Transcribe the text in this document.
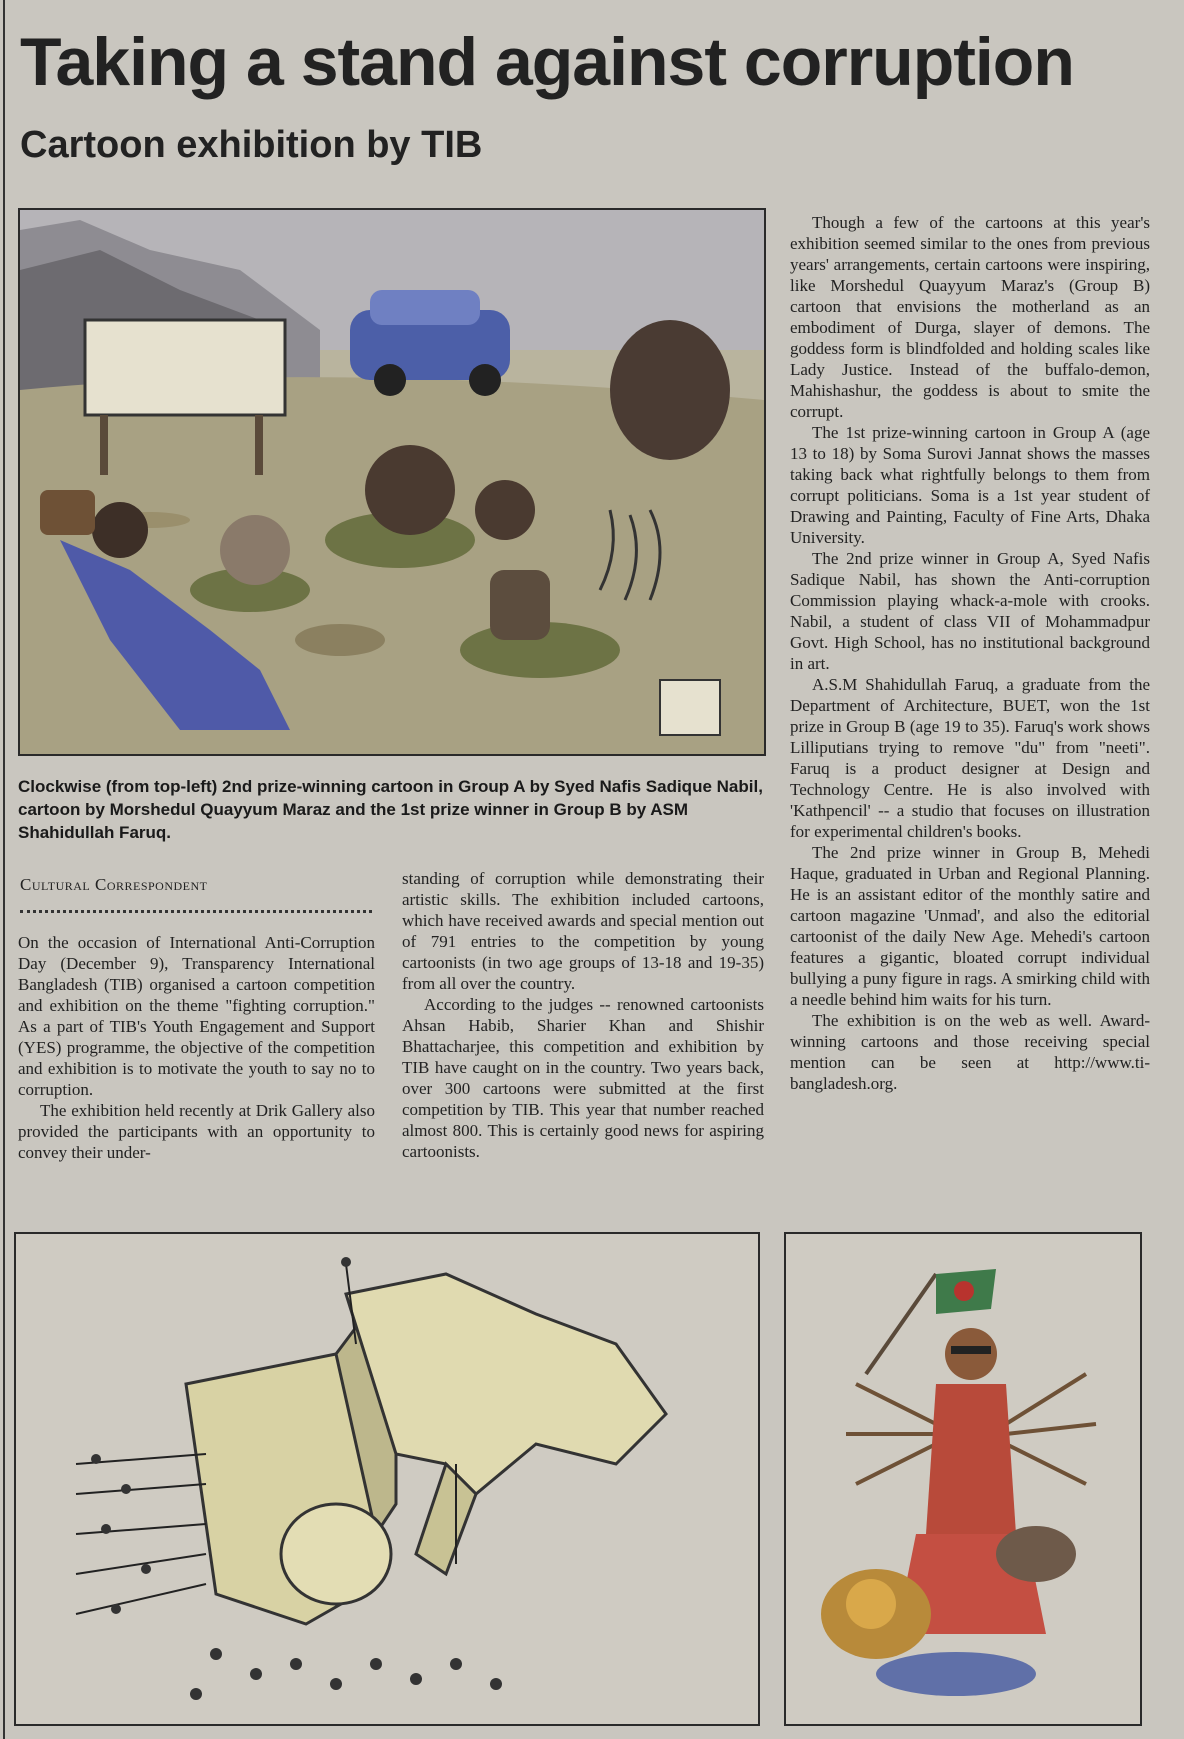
Taking a stand against corruption
Cartoon exhibition by TIB
Clockwise (from top-left) 2nd prize-winning cartoon in Group A by Syed Nafis Sadique Nabil, cartoon by Morshedul Quayyum Maraz and the 1st prize winner in Group B by ASM Shahidullah Faruq.
Cultural Correspondent

On the occasion of International Anti-Corruption Day (December 9), Transparency International Bangladesh (TIB) organised a cartoon competition and exhibition on the theme "fighting corruption." As a part of TIB's Youth Engagement and Support (YES) programme, the objective of the competition and exhibition is to motivate the youth to say no to corruption.

The exhibition held recently at Drik Gallery also provided the participants with an opportunity to convey their under-

standing of corruption while demonstrating their artistic skills. The exhibition included cartoons, which have received awards and special mention out of 791 entries to the competition by young cartoonists (in two age groups of 13-18 and 19-35) from all over the country.

According to the judges -- renowned cartoonists Ahsan Habib, Sharier Khan and Shishir Bhattacharjee, this competition and exhibition by TIB have caught on in the country. Two years back, over 300 cartoons were submitted at the first competition by TIB. This year that number reached almost 800. This is certainly good news for aspiring cartoonists.

Though a few of the cartoons at this year's exhibition seemed similar to the ones from previous years' arrangements, certain cartoons were inspiring, like Morshedul Quayyum Maraz's (Group B) cartoon that envisions the motherland as an embodiment of Durga, slayer of demons. The goddess form is blindfolded and holding scales like Lady Justice. Instead of the buffalo-demon, Mahishashur, the goddess is about to smite the corrupt.

The 1st prize-winning cartoon in Group A (age 13 to 18) by Soma Surovi Jannat shows the masses taking back what rightfully belongs to them from corrupt politicians. Soma is a 1st year student of Drawing and Painting, Faculty of Fine Arts, Dhaka University.

The 2nd prize winner in Group A, Syed Nafis Sadique Nabil, has shown the Anti-corruption Commission playing whack-a-mole with crooks. Nabil, a student of class VII of Mohammadpur Govt. High School, has no institutional background in art.

A.S.M Shahidullah Faruq, a graduate from the Department of Architecture, BUET, won the 1st prize in Group B (age 19 to 35). Faruq's work shows Lilliputians trying to remove "du" from "neeti". Faruq is a product designer at Design and Technology Centre. He is also involved with 'Kathpencil' -- a studio that focuses on illustration for experimental children's books.

The 2nd prize winner in Group B, Mehedi Haque, graduated in Urban and Regional Planning. He is an assistant editor of the monthly satire and cartoon magazine 'Unmad', and also the editorial cartoonist of the daily New Age. Mehedi's cartoon features a gigantic, bloated corrupt individual bullying a puny figure in rags. A smirking child with a needle behind him waits for his turn.

The exhibition is on the web as well. Award-winning cartoons and those receiving special mention can be seen at http://www.ti-bangladesh.org.
